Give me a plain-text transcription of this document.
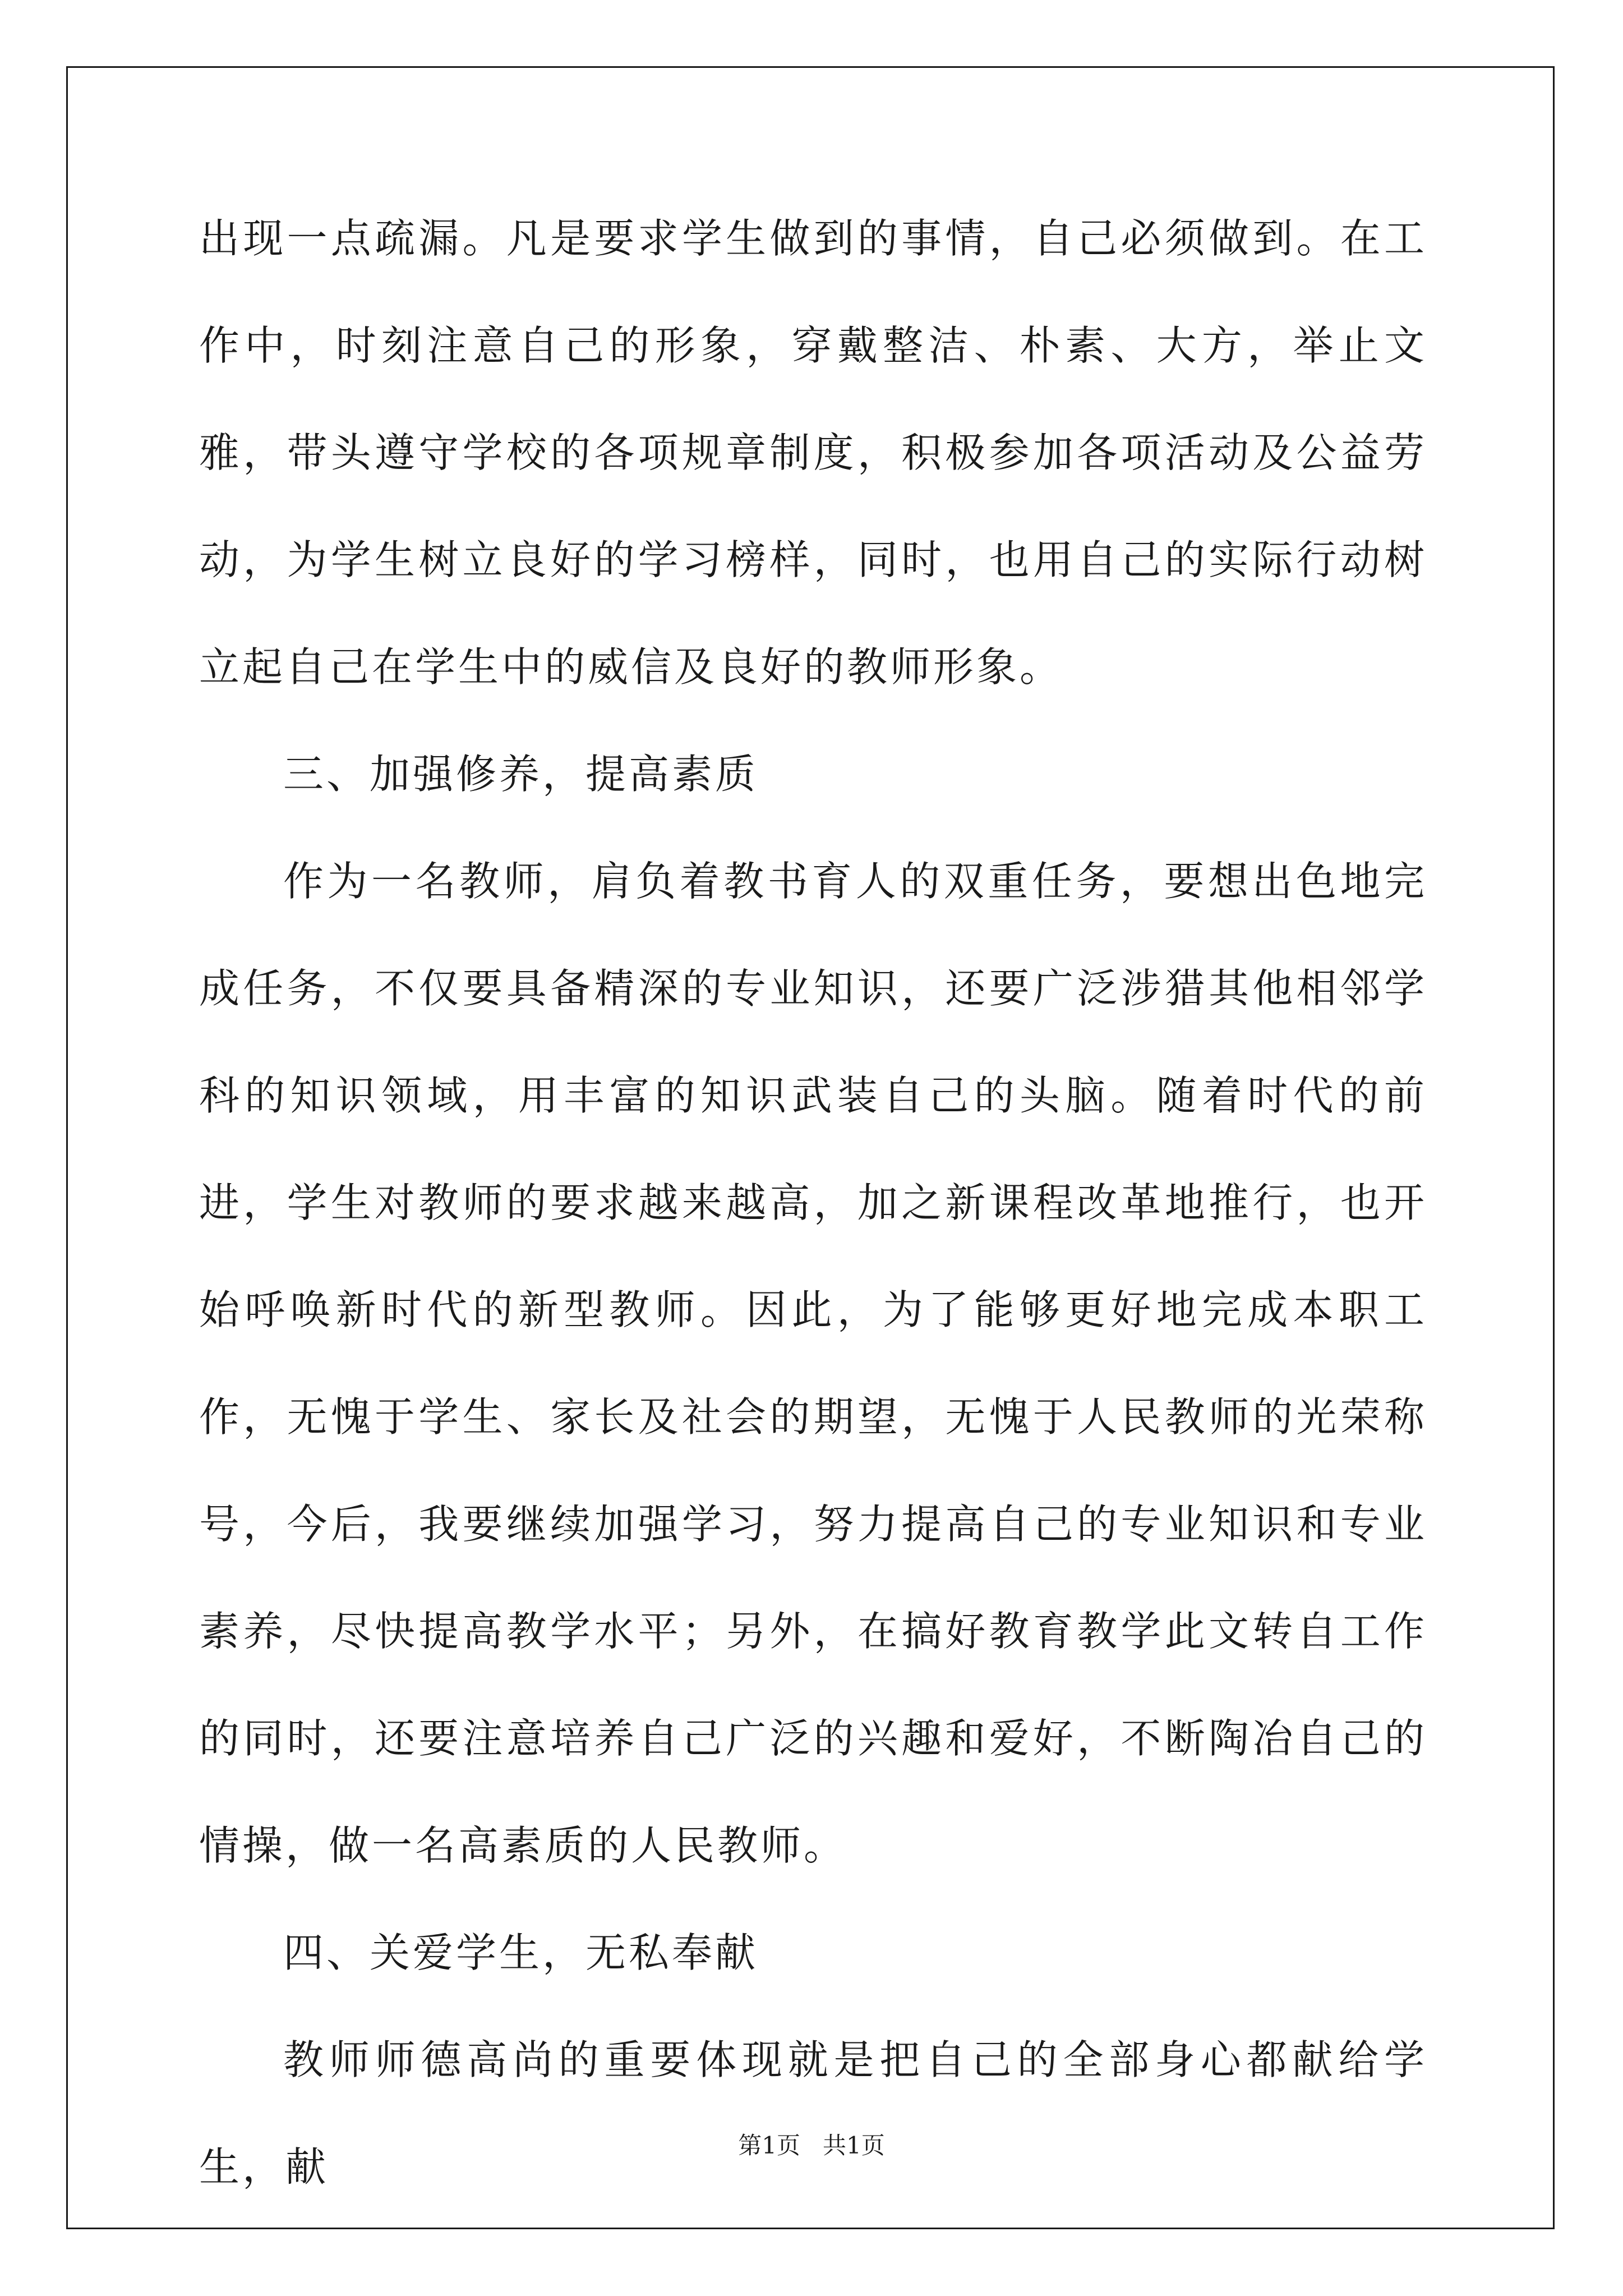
出现一点疏漏。凡是要求学生做到的事情，自己必须做到。在工作中，时刻注意自己的形象，穿戴整洁、朴素、大方，举止文雅，带头遵守学校的各项规章制度，积极参加各项活动及公益劳动，为学生树立良好的学习榜样，同时，也用自己的实际行动树立起自己在学生中的威信及良好的教师形象。

三、加强修养，提高素质

作为一名教师，肩负着教书育人的双重任务，要想出色地完成任务，不仅要具备精深的专业知识，还要广泛涉猎其他相邻学科的知识领域，用丰富的知识武装自己的头脑。随着时代的前进，学生对教师的要求越来越高，加之新课程改革地推行，也开始呼唤新时代的新型教师。因此，为了能够更好地完成本职工作，无愧于学生、家长及社会的期望，无愧于人民教师的光荣称号，今后，我要继续加强学习，努力提高自己的专业知识和专业素养，尽快提高教学水平；另外，在搞好教育教学此文转自工作的同时，还要注意培养自己广泛的兴趣和爱好，不断陶冶自己的情操，做一名高素质的人民教师。

四、关爱学生，无私奉献

教师师德高尚的重要体现就是把自己的全部身心都献给学生，献	第1页 共1页
